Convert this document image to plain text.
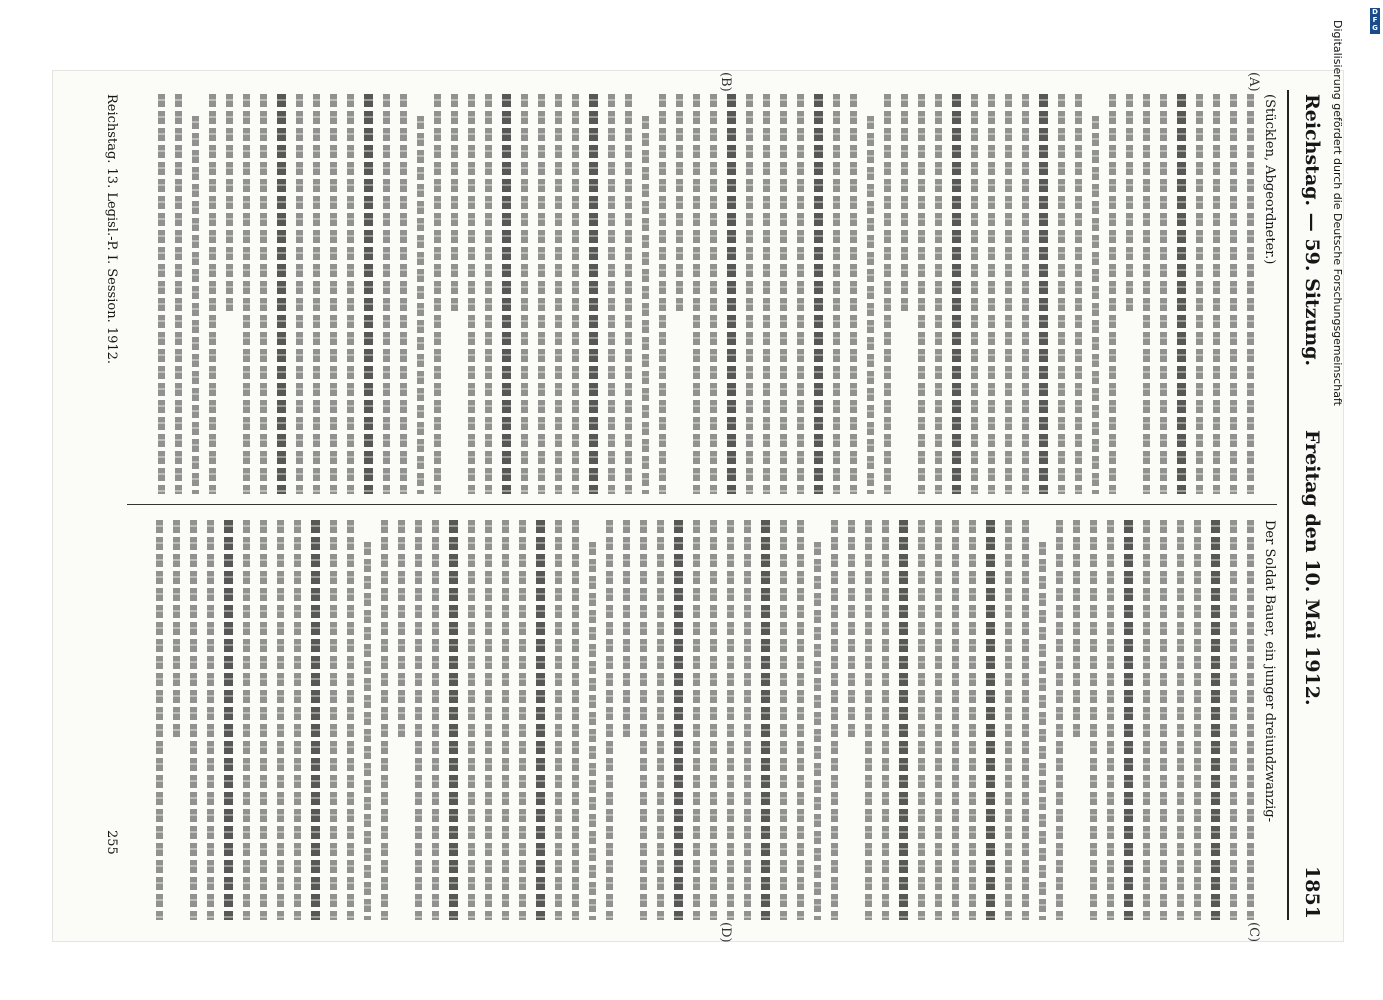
Reichstag. — 59. Sitzung.
Freitag den 10. Mai 1912.
1851
(A)
(B)
(C)
(D)
(Stücklen, Abgeordneter.)
Der Soldat Bauer, ein junger dreiundzwanzig-
Reichstag. 13. Legisl.-P. I. Session. 1912.
255
Digitalisierung gefördert durch die Deutsche Forschungsgemeinschaft
DFG
